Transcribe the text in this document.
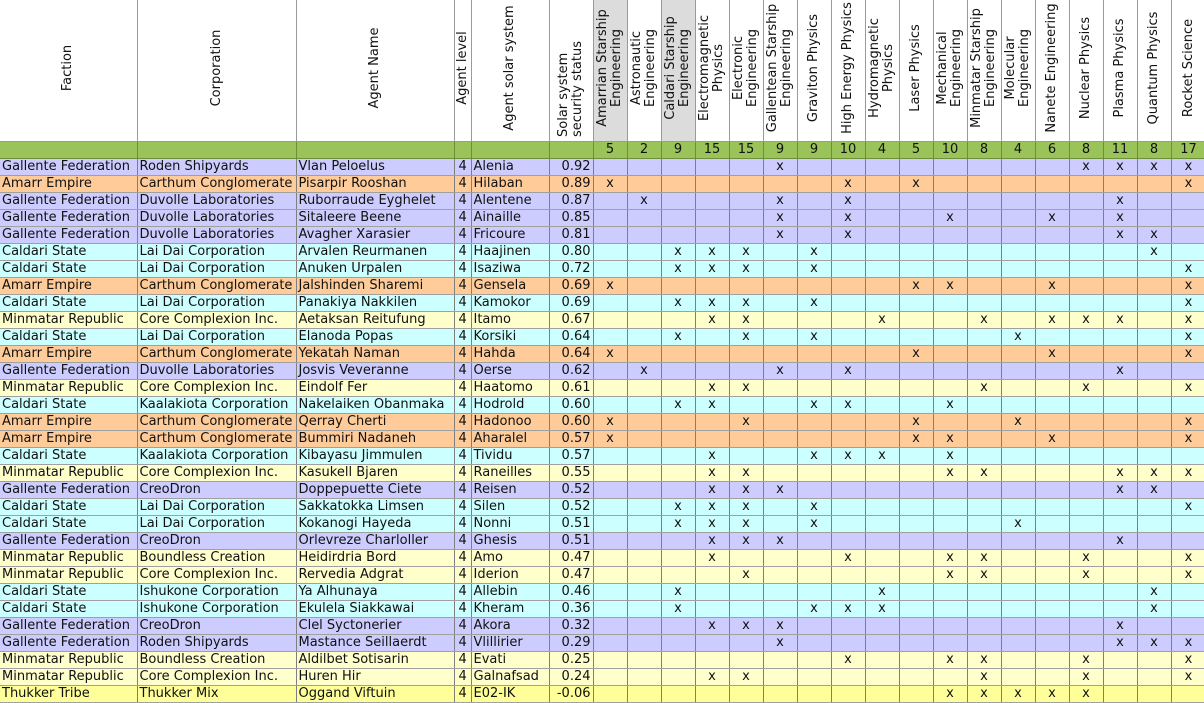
Faction	Corporation	Agent Name	Agent level	Agent solar system	Solar system security status	Amarrian Starship Engineering	Astronautic Engineering	Caldari Starship Engineering	Electromagnetic Physics	Electronic Engineering	Gallentean Starship Engineering	Graviton Physics	High Energy Physics	Hydromagnetic Physics	Laser Physics	Mechanical Engineering	Minmatar Starship Engineering	Molecular Engineering	Nanete Engineering	Nuclear Physics	Plasma Physics	Quantum Physics	Rocket Science

						5	2	9	15	15	9	9	10	4	5	10	8	4	6	8	11	8	17
Gallente Federation	Roden Shipyards	Vlan Peloelus	4	Alenia	0.92						x									x	x	x	x
Amarr Empire	Carthum Conglomerate	Pisarpir Rooshan	4	Hilaban	0.89	x							x		x								x
Gallente Federation	Duvolle Laboratories	Ruborraude Eyghelet	4	Alentene	0.87		x				x		x								x		
Gallente Federation	Duvolle Laboratories	Sitaleere Beene	4	Ainaille	0.85						x		x			x			x		x		
Gallente Federation	Duvolle Laboratories	Avagher Xarasier	4	Fricoure	0.81						x		x								x	x	
Caldari State	Lai Dai Corporation	Arvalen Reurmanen	4	Haajinen	0.80			x	x	x		x										x	
Caldari State	Lai Dai Corporation	Anuken Urpalen	4	Isaziwa	0.72			x	x	x		x											x
Amarr Empire	Carthum Conglomerate	Jalshinden Sharemi	4	Gensela	0.69	x									x	x			x				x
Caldari State	Lai Dai Corporation	Panakiya Nakkilen	4	Kamokor	0.69			x	x	x		x											x
Minmatar Republic	Core Complexion Inc.	Aetaksan Reitufung	4	Itamo	0.67				x	x				x			x		x	x	x		x
Caldari State	Lai Dai Corporation	Elanoda Popas	4	Korsiki	0.64			x		x		x						x					x
Amarr Empire	Carthum Conglomerate	Yekatah Naman	4	Hahda	0.64	x									x				x				x
Gallente Federation	Duvolle Laboratories	Josvis Veveranne	4	Oerse	0.62		x				x		x								x		
Minmatar Republic	Core Complexion Inc.	Eindolf Fer	4	Haatomo	0.61				x	x							x			x			x
Caldari State	Kaalakiota Corporation	Nakelaiken Obanmaka	4	Hodrold	0.60			x	x			x	x			x							
Amarr Empire	Carthum Conglomerate	Qerray Cherti	4	Hadonoo	0.60	x				x					x			x					x
Amarr Empire	Carthum Conglomerate	Bummiri Nadaneh	4	Aharalel	0.57	x									x	x			x				x
Caldari State	Kaalakiota Corporation	Kibayasu Jimmulen	4	Tividu	0.57				x			x	x	x		x							
Minmatar Republic	Core Complexion Inc.	Kasukell Bjaren	4	Raneilles	0.55				x	x						x	x				x	x	x
Gallente Federation	CreoDron	Doppepuette Ciete	4	Reisen	0.52				x	x	x										x	x	
Caldari State	Lai Dai Corporation	Sakkatokka Limsen	4	Silen	0.52			x	x	x		x											x
Caldari State	Lai Dai Corporation	Kokanogi Hayeda	4	Nonni	0.51			x	x	x		x						x					
Gallente Federation	CreoDron	Orlevreze Charloller	4	Ghesis	0.51				x	x	x										x		
Minmatar Republic	Boundless Creation	Heidirdria Bord	4	Amo	0.47				x				x			x	x			x			x
Minmatar Republic	Core Complexion Inc.	Rervedia Adgrat	4	Iderion	0.47					x						x	x			x			x
Caldari State	Ishukone Corporation	Ya Alhunaya	4	Allebin	0.46			x						x								x	
Caldari State	Ishukone Corporation	Ekulela Siakkawai	4	Kheram	0.36			x				x	x	x								x	
Gallente Federation	CreoDron	Clel Syctonerier	4	Akora	0.32				x	x	x										x		
Gallente Federation	Roden Shipyards	Mastance Seillaerdt	4	Vlillirier	0.29						x										x	x	x
Minmatar Republic	Boundless Creation	Aldilbet Sotisarin	4	Evati	0.25								x			x	x			x			x
Minmatar Republic	Core Complexion Inc.	Huren Hir	4	Galnafsad	0.24				x	x							x			x			x
Thukker Tribe	Thukker Mix	Oggand Viftuin	4	E02-IK	-0.06											x	x	x	x	x			
